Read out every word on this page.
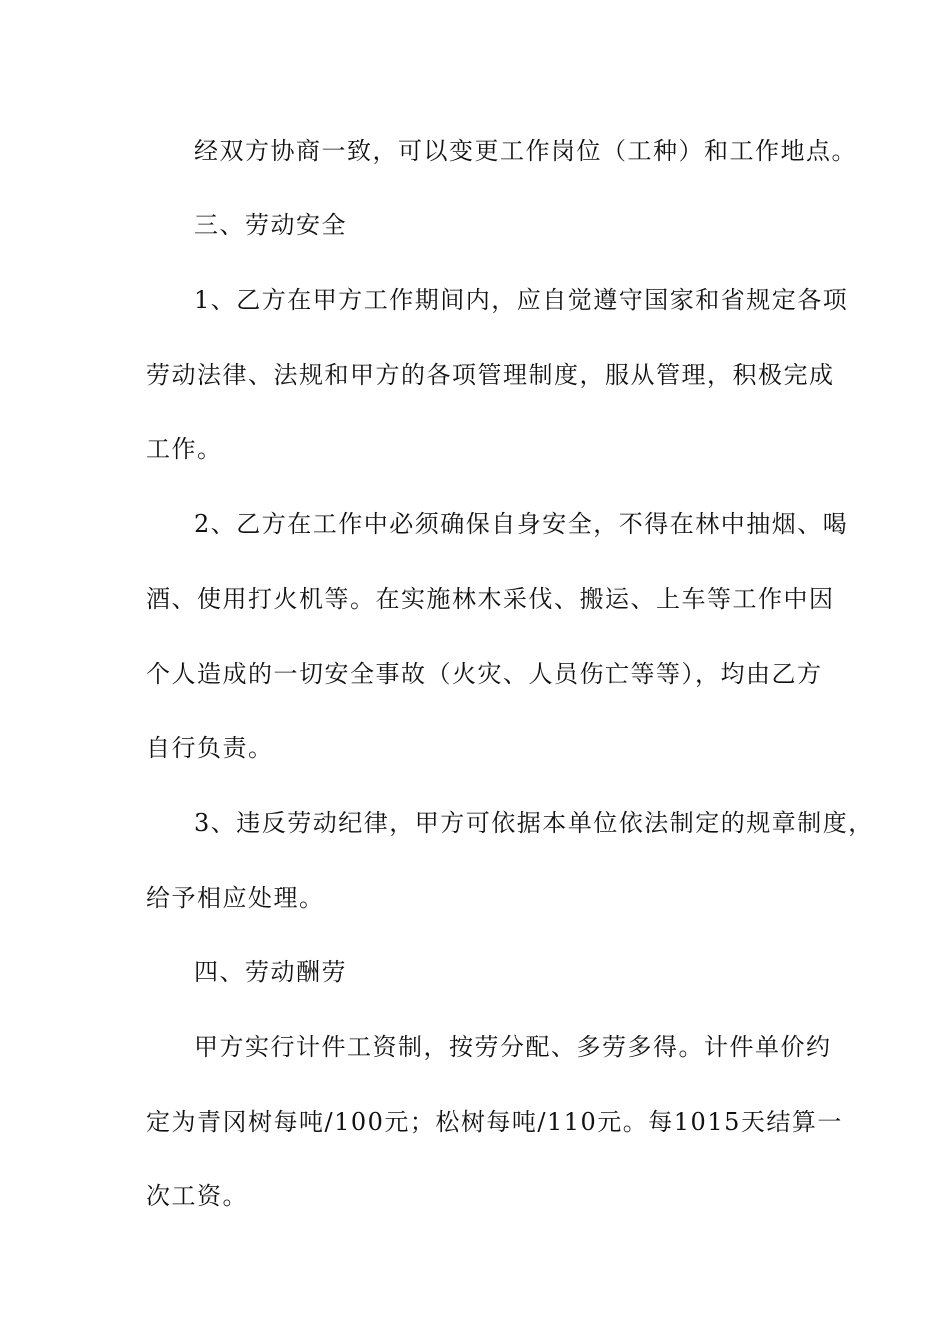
经双方协商一致，可以变更工作岗位（工种）和工作地点。
三、劳动安全
1、乙方在甲方工作期间内，应自觉遵守国家和省规定各项
劳动法律、法规和甲方的各项管理制度，服从管理，积极完成
工作。
2、乙方在工作中必须确保自身安全，不得在林中抽烟、喝
酒、使用打火机等。在实施林木采伐、搬运、上车等工作中因
个人造成的一切安全事故（火灾、人员伤亡等等），均由乙方
自行负责。
3、违反劳动纪律，甲方可依据本单位依法制定的规章制度，
给予相应处理。
四、劳动酬劳
甲方实行计件工资制，按劳分配、多劳多得。计件单价约
定为青冈树每吨/100元；松树每吨/110元。每1015天结算一
次工资。
